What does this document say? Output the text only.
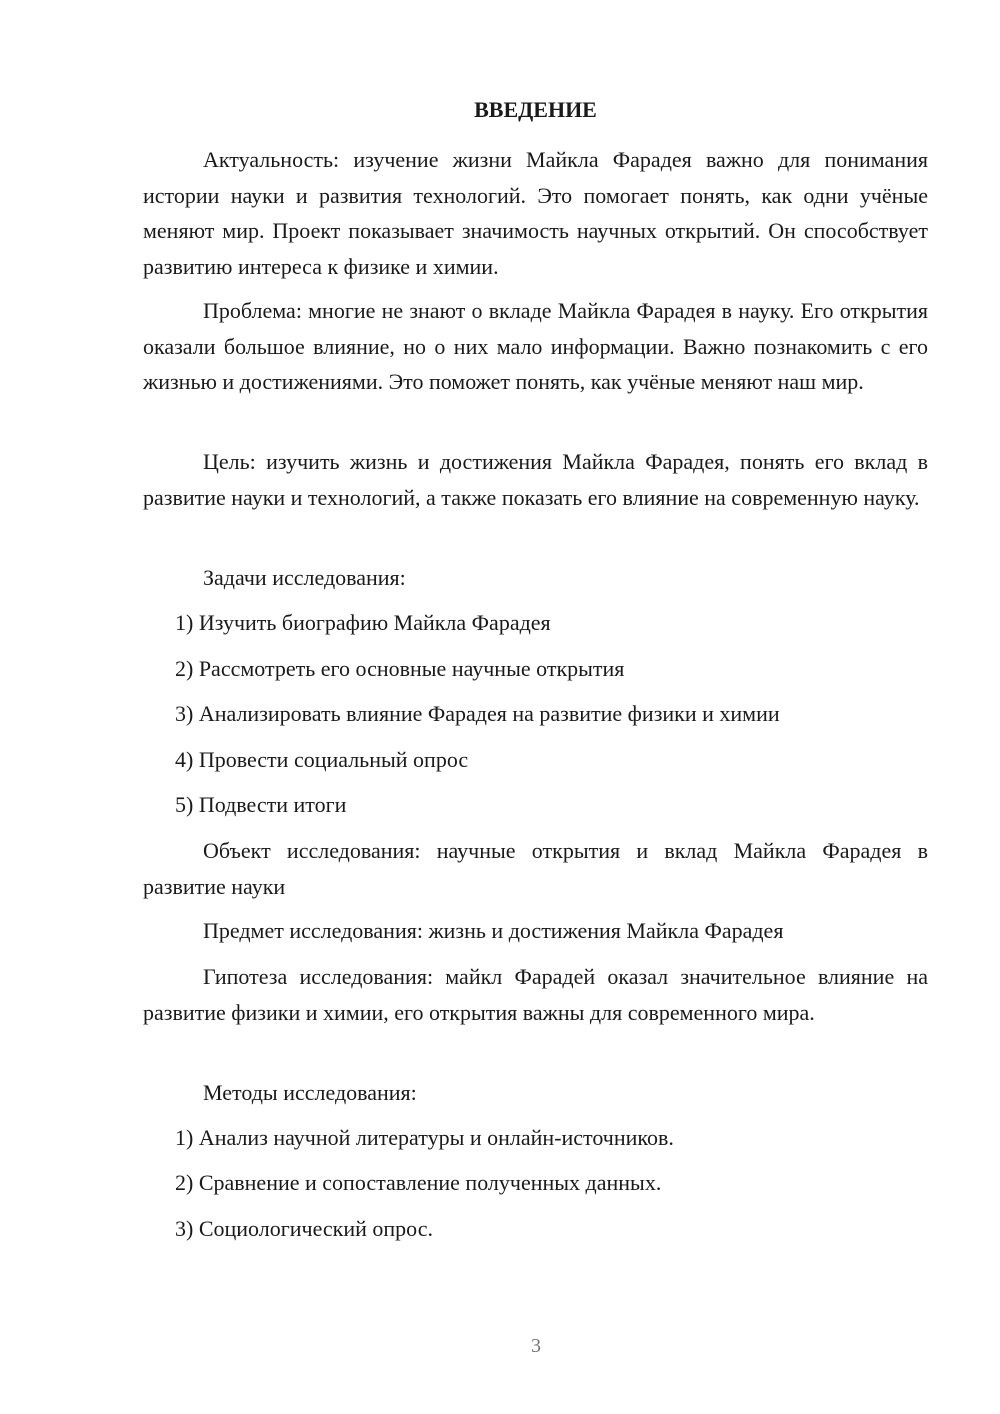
ВВЕДЕНИЕ

Актуальность: изучение жизни Майкла Фарадея важно для понимания истории науки и развития технологий. Это помогает понять, как одни учёные меняют мир. Проект показывает значимость научных открытий. Он способствует развитию интереса к физике и химии.

Проблема: многие не знают о вкладе Майкла Фарадея в науку. Его открытия оказали большое влияние, но о них мало информации. Важно познакомить с его жизнью и достижениями. Это поможет понять, как учёные меняют наш мир.

Цель: изучить жизнь и достижения Майкла Фарадея, понять его вклад в развитие науки и технологий, а также показать его влияние на современную науку.

Задачи исследования:

1) Изучить биографию Майкла Фарадея

2) Рассмотреть его основные научные открытия

3) Анализировать влияние Фарадея на развитие физики и химии

4) Провести социальный опрос

5) Подвести итоги

Объект исследования: научные открытия и вклад Майкла Фарадея в развитие науки

Предмет исследования: жизнь и достижения Майкла Фарадея

Гипотеза исследования: майкл Фарадей оказал значительное влияние на развитие физики и химии, его открытия важны для современного мира.

Методы исследования:

1) Анализ научной литературы и онлайн-источников.

2) Сравнение и сопоставление полученных данных.

3) Социологический опрос.

3
